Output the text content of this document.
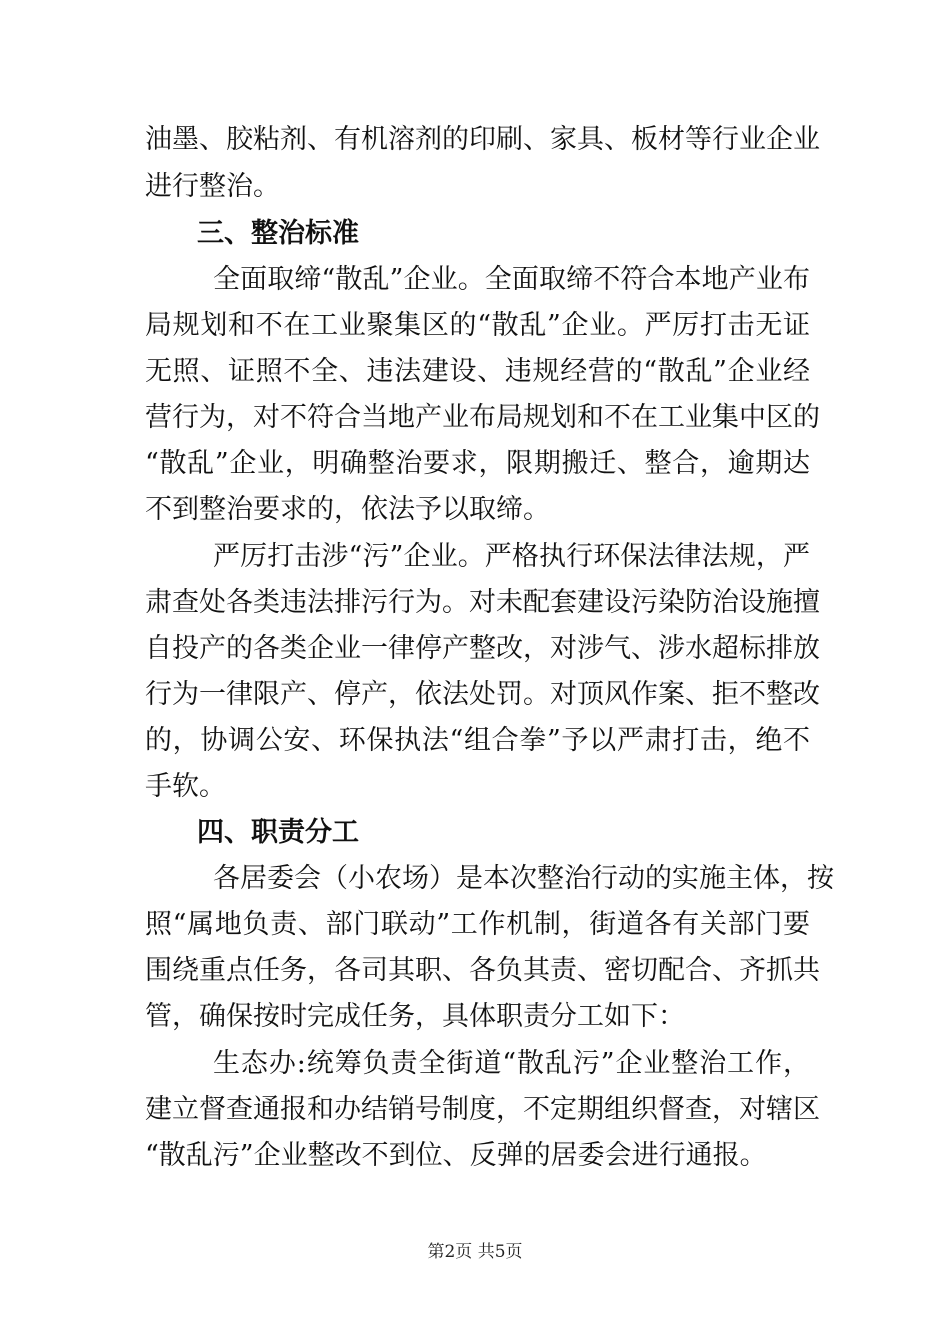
油墨、胶粘剂、有机溶剂的印刷、家具、板材等行业企业
进行整治。
三、整治标准
全面取缔“散乱”企业。全面取缔不符合本地产业布
局规划和不在工业聚集区的“散乱”企业。严厉打击无证
无照、证照不全、违法建设、违规经营的“散乱”企业经
营行为，对不符合当地产业布局规划和不在工业集中区的
“散乱”企业，明确整治要求，限期搬迁、整合，逾期达
不到整治要求的，依法予以取缔。
严厉打击涉“污”企业。严格执行环保法律法规，严
肃查处各类违法排污行为。对未配套建设污染防治设施擅
自投产的各类企业一律停产整改，对涉气、涉水超标排放
行为一律限产、停产，依法处罚。对顶风作案、拒不整改
的，协调公安、环保执法“组合拳”予以严肃打击，绝不
手软。
四、职责分工
各居委会（小农场）是本次整治行动的实施主体，按
照“属地负责、部门联动”工作机制，街道各有关部门要
围绕重点任务，各司其职、各负其责、密切配合、齐抓共
管，确保按时完成任务，具体职责分工如下：
生态办:统筹负责全街道“散乱污”企业整治工作，
建立督查通报和办结销号制度，不定期组织督查，对辖区
“散乱污”企业整改不到位、反弹的居委会进行通报。
第2页 共5页
